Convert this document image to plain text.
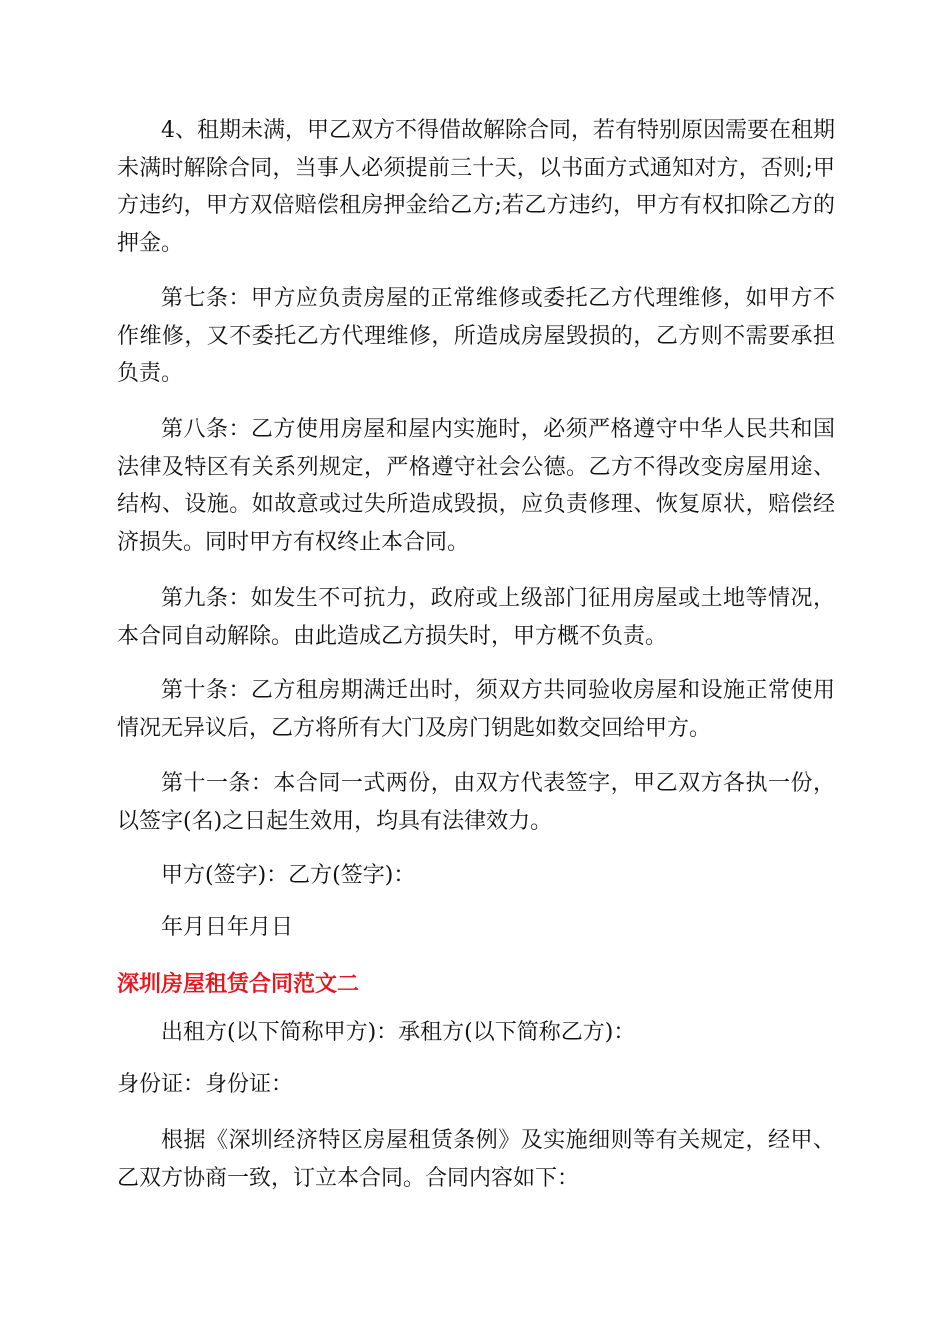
4、租期未满，甲乙双方不得借故解除合同，若有特别原因需要在租期未满时解除合同，当事人必须提前三十天，以书面方式通知对方，否则;甲方违约，甲方双倍赔偿租房押金给乙方;若乙方违约，甲方有权扣除乙方的押金。

第七条：甲方应负责房屋的正常维修或委托乙方代理维修，如甲方不作维修，又不委托乙方代理维修，所造成房屋毁损的，乙方则不需要承担负责。

第八条：乙方使用房屋和屋内实施时，必须严格遵守中华人民共和国法律及特区有关系列规定，严格遵守社会公德。乙方不得改变房屋用途、结构、设施。如故意或过失所造成毁损，应负责修理、恢复原状，赔偿经济损失。同时甲方有权终止本合同。

第九条：如发生不可抗力，政府或上级部门征用房屋或土地等情况，本合同自动解除。由此造成乙方损失时，甲方概不负责。

第十条：乙方租房期满迁出时，须双方共同验收房屋和设施正常使用情况无异议后，乙方将所有大门及房门钥匙如数交回给甲方。

第十一条：本合同一式两份，由双方代表签字，甲乙双方各执一份，以签字(名)之日起生效用，均具有法律效力。

甲方(签字)：乙方(签字)：

年月日年月日

深圳房屋租赁合同范文二

出租方(以下简称甲方)：承租方(以下简称乙方)：

身份证：身份证：

根据《深圳经济特区房屋租赁条例》及实施细则等有关规定，经甲、乙双方协商一致，订立本合同。合同内容如下：
